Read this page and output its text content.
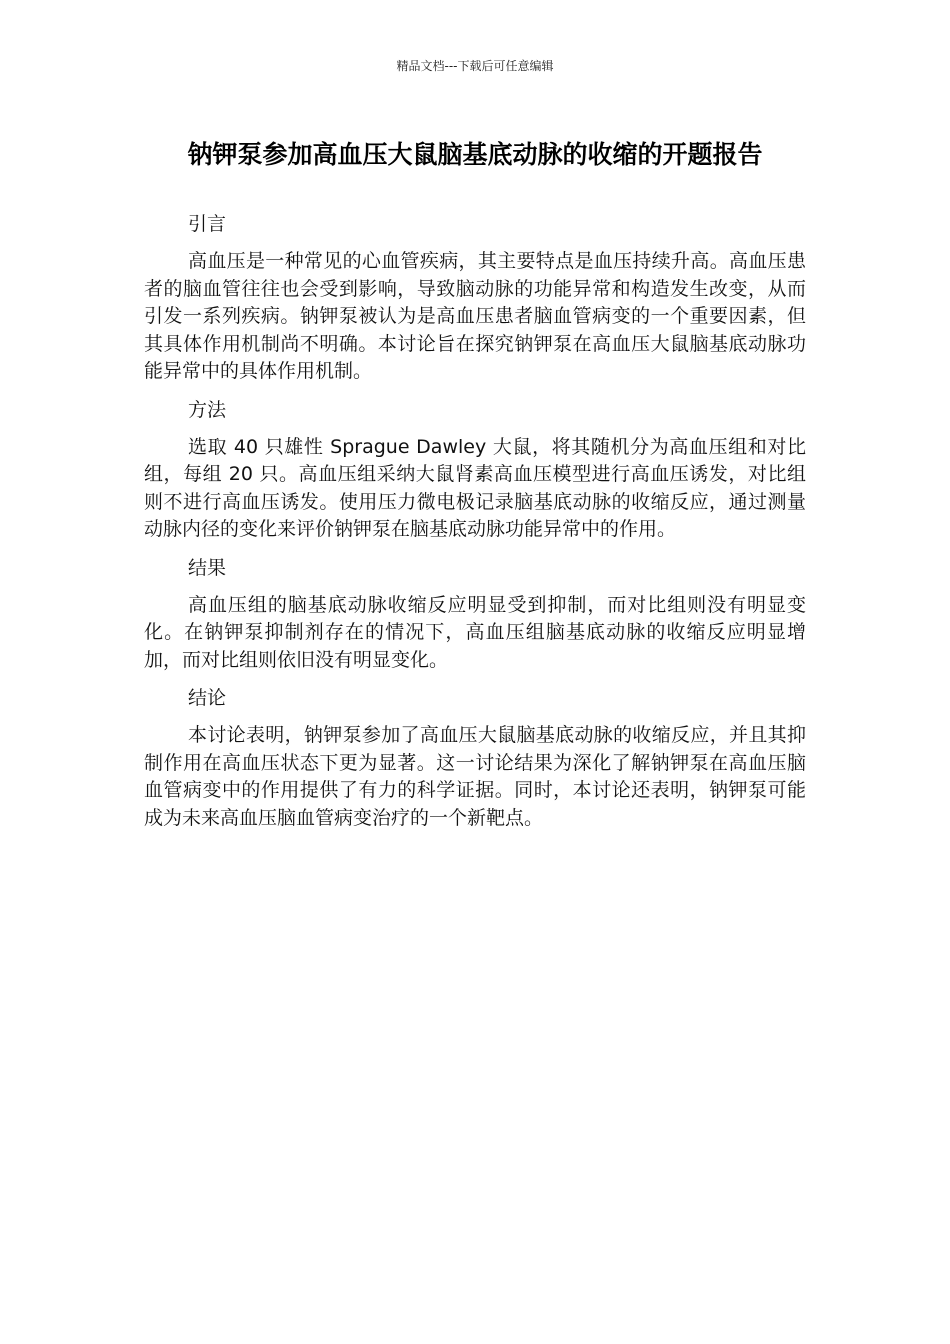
精品文档---下载后可任意编辑
钠钾泵参加高血压大鼠脑基底动脉的收缩的开题报告

引言

高血压是一种常见的心血管疾病，其主要特点是血压持续升高。高血压患者的脑血管往往也会受到影响，导致脑动脉的功能异常和构造发生改变，从而引发一系列疾病。钠钾泵被认为是高血压患者脑血管病变的一个重要因素，但其具体作用机制尚不明确。本讨论旨在探究钠钾泵在高血压大鼠脑基底动脉功能异常中的具体作用机制。

方法

选取 40 只雄性 Sprague Dawley 大鼠，将其随机分为高血压组和对比组，每组 20 只。高血压组采纳大鼠肾素高血压模型进行高血压诱发，对比组则不进行高血压诱发。使用压力微电极记录脑基底动脉的收缩反应，通过测量动脉内径的变化来评价钠钾泵在脑基底动脉功能异常中的作用。

结果

高血压组的脑基底动脉收缩反应明显受到抑制，而对比组则没有明显变化。在钠钾泵抑制剂存在的情况下，高血压组脑基底动脉的收缩反应明显增加，而对比组则依旧没有明显变化。

结论

本讨论表明，钠钾泵参加了高血压大鼠脑基底动脉的收缩反应，并且其抑制作用在高血压状态下更为显著。这一讨论结果为深化了解钠钾泵在高血压脑血管病变中的作用提供了有力的科学证据。同时，本讨论还表明，钠钾泵可能成为未来高血压脑血管病变治疗的一个新靶点。
